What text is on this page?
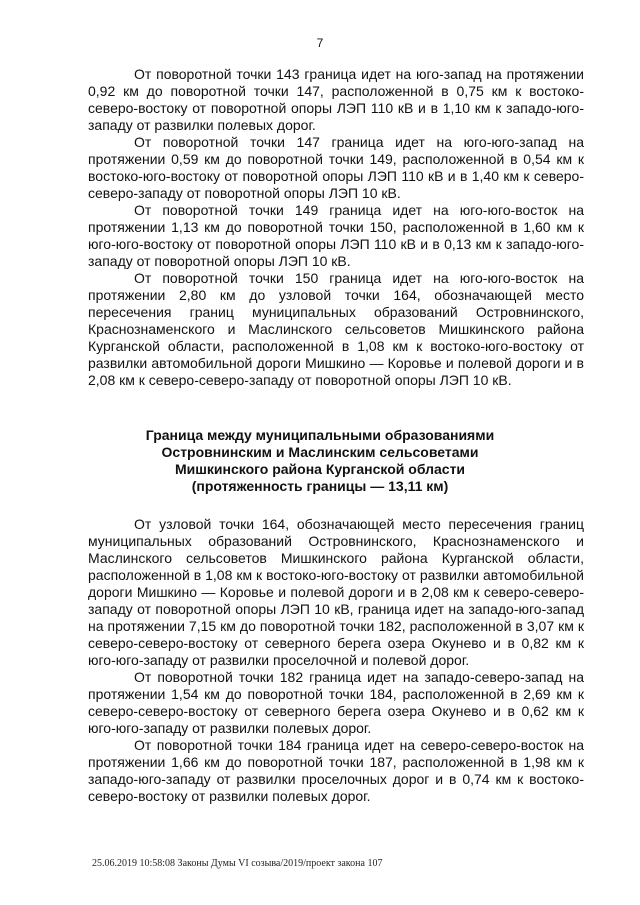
7

От поворотной точки 143 граница идет на юго-запад на протяжении 0,92 км до поворотной точки 147, расположенной в 0,75 км к востоко-северо-востоку от поворотной опоры ЛЭП 110 кВ и в 1,10 км к западо-юго-западу от развилки полевых дорог.

От поворотной точки 147 граница идет на юго-юго-запад на протяжении 0,59 км до поворотной точки 149, расположенной в 0,54 км к востоко-юго-востоку от поворотной опоры ЛЭП 110 кВ и в 1,40 км к северо-северо-западу от поворотной опоры ЛЭП 10 кВ.

От поворотной точки 149 граница идет на юго-юго-восток на протяжении 1,13 км до поворотной точки 150, расположенной в 1,60 км к юго-юго-востоку от поворотной опоры ЛЭП 110 кВ и в 0,13 км к западо-юго-западу от поворотной опоры ЛЭП 10 кВ.

От поворотной точки 150 граница идет на юго-юго-восток на протяжении 2,80 км до узловой точки 164, обозначающей место пересечения границ муниципальных образований Островнинского, Краснознаменского и Маслинского сельсоветов Мишкинского района Курганской области, расположенной в 1,08 км к востоко-юго-востоку от развилки автомобильной дороги Мишкино — Коровье и полевой дороги и в 2,08 км к северо-северо-западу от поворотной опоры ЛЭП 10 кВ.

Граница между муниципальными образованиями
Островнинским и Маслинским сельсоветами
Мишкинского района Курганской области
(протяженность границы — 13,11 км)

От узловой точки 164, обозначающей место пересечения границ муниципальных образований Островнинского, Краснознаменского и Маслинского сельсоветов Мишкинского района Курганской области, расположенной в 1,08 км к востоко-юго-востоку от развилки автомобильной дороги Мишкино — Коровье и полевой дороги и в 2,08 км к северо-северо-западу от поворотной опоры ЛЭП 10 кВ, граница идет на западо-юго-запад на протяжении 7,15 км до поворотной точки 182, расположенной в 3,07 км к северо-северо-востоку от северного берега озера Окунево и в 0,82 км к юго-юго-западу от развилки проселочной и полевой дорог.

От поворотной точки 182 граница идет на западо-северо-запад на протяжении 1,54 км до поворотной точки 184, расположенной в 2,69 км к северо-северо-востоку от северного берега озера Окунево и в 0,62 км к юго-юго-западу от развилки полевых дорог.

От поворотной точки 184 граница идет на северо-северо-восток на протяжении 1,66 км до поворотной точки 187, расположенной в 1,98 км к западо-юго-западу от развилки проселочных дорог и в 0,74 км к востоко-северо-востоку от развилки полевых дорог.

25.06.2019 10:58:08 Законы Думы VI созыва/2019/проект закона 107
